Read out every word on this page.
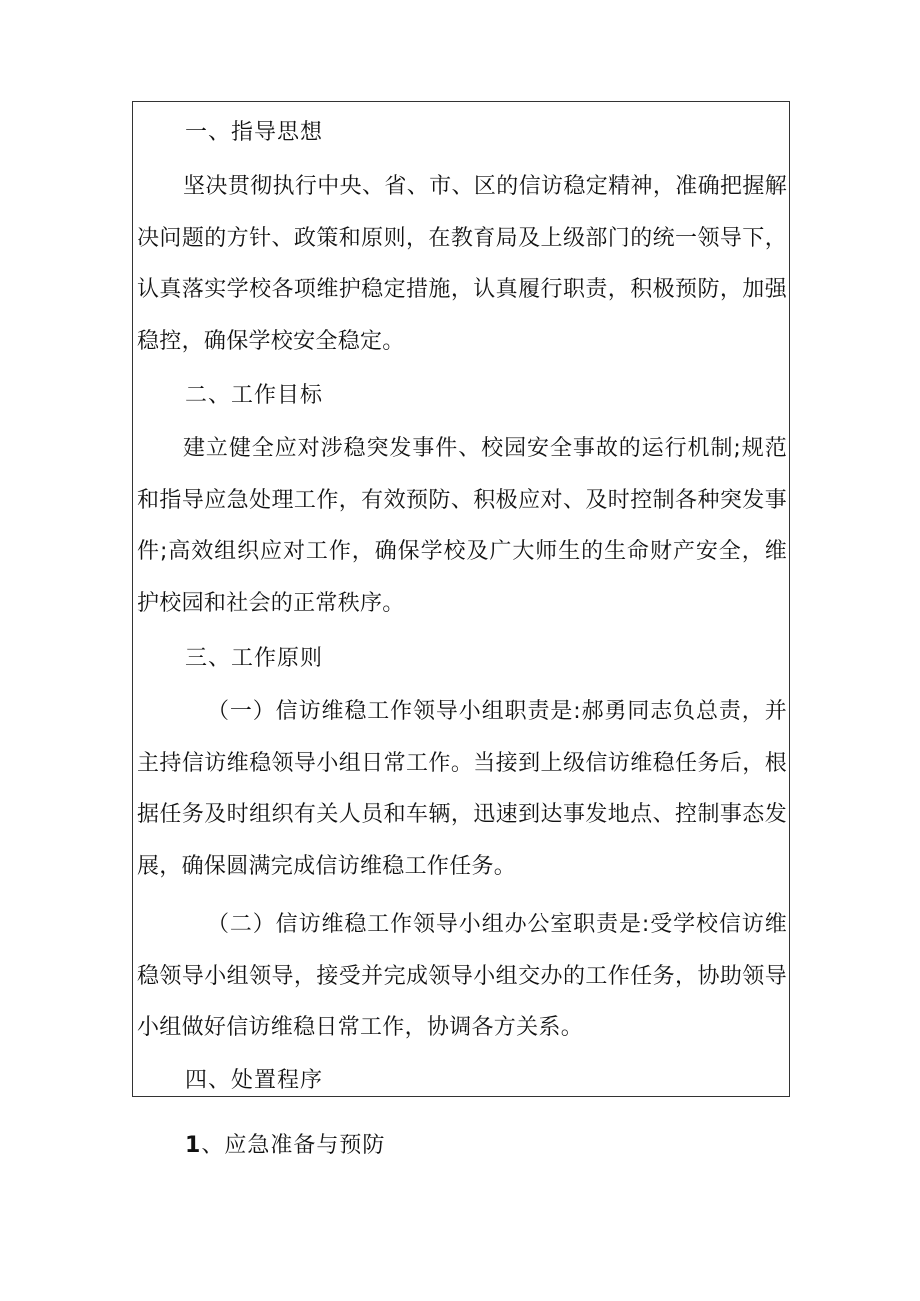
一、指导思想
坚决贯彻执行中央、省、市、区的信访稳定精神，准确把握解决问题的方针、政策和原则，在教育局及上级部门的统一领导下，认真落实学校各项维护稳定措施，认真履行职责，积极预防，加强稳控，确保学校安全稳定。
二、工作目标
建立健全应对涉稳突发事件、校园安全事故的运行机制;规范和指导应急处理工作，有效预防、积极应对、及时控制各种突发事件;高效组织应对工作，确保学校及广大师生的生命财产安全，维护校园和社会的正常秩序。
三、工作原则
（一）信访维稳工作领导小组职责是:郝勇同志负总责，并主持信访维稳领导小组日常工作。当接到上级信访维稳任务后，根据任务及时组织有关人员和车辆，迅速到达事发地点、控制事态发展，确保圆满完成信访维稳工作任务。
（二）信访维稳工作领导小组办公室职责是:受学校信访维稳领导小组领导，接受并完成领导小组交办的工作任务，协助领导小组做好信访维稳日常工作，协调各方关系。
四、处置程序
1、应急准备与预防
